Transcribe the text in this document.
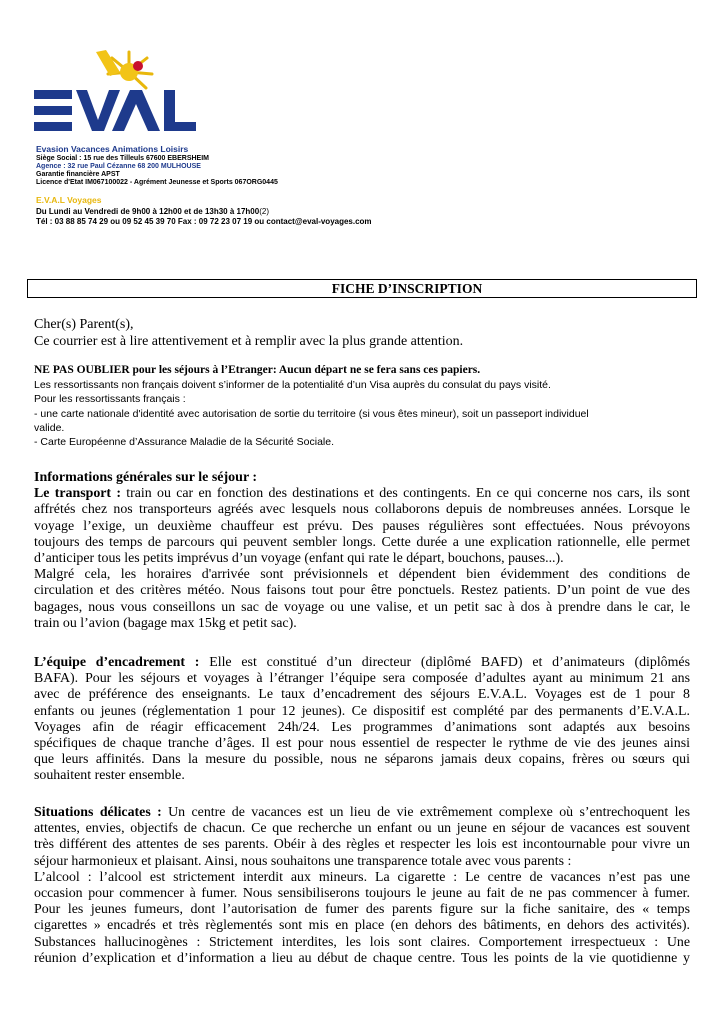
Evasion Vacances Animations Loisirs
Siège Social : 15 rue des Tilleuls 67600 EBERSHEIM
Agence : 32 rue Paul Cézanne 68 200 MULHOUSE
Garantie financière APST
Licence d'Etat IM067100022 - Agrément Jeunesse et Sports 067ORG0445
E.V.A.L Voyages
Du Lundi au Vendredi de 9h00 à 12h00 et de 13h30 à 17h00(2)
Tél : 03 88 85 74 29 ou 09 52 45 39 70 Fax : 09 72 23 07 19 ou contact@eval-voyages.com
FICHE D’INSCRIPTION
Cher(s) Parent(s),
Ce courrier est à lire attentivement et à remplir avec la plus grande attention.
NE PAS OUBLIER pour les séjours à l’Etranger: Aucun départ ne se fera sans ces papiers.
Les ressortissants non français doivent s’informer de la potentialité d’un Visa auprès du consulat du pays visité.
Pour les ressortissants français :
- une carte nationale d'identité avec autorisation de sortie du territoire (si vous êtes mineur), soit un passeport individuel
valide.
- Carte Européenne d’Assurance Maladie de la Sécurité Sociale.
Informations générales sur le séjour :
Le transport : train ou car en fonction des destinations et des contingents. En ce qui concerne nos cars, ils sont
affrétés chez nos transporteurs agréés avec lesquels nous collaborons depuis de nombreuses années. Lorsque le
voyage l’exige, un deuxième chauffeur est prévu. Des pauses régulières sont effectuées. Nous prévoyons
toujours des temps de parcours qui peuvent sembler longs. Cette durée a une explication rationnelle, elle permet
d’anticiper tous les petits imprévus d’un voyage (enfant qui rate le départ, bouchons, pauses...).
Malgré cela, les horaires d'arrivée sont prévisionnels et dépendent bien évidemment des conditions de
circulation et des critères météo. Nous faisons tout pour être ponctuels. Restez patients. D’un point de vue des
bagages, nous vous conseillons un sac de voyage ou une valise, et un petit sac à dos à prendre dans le car, le
train ou l’avion (bagage max 15kg et petit sac).
L’équipe d’encadrement : Elle est constitué d’un directeur (diplômé BAFD) et d’animateurs (diplômés
BAFA). Pour les séjours et voyages à l’étranger l’équipe sera composée d’adultes ayant au minimum 21 ans
avec de préférence des enseignants. Le taux d’encadrement des séjours E.V.A.L. Voyages est de 1 pour 8
enfants ou jeunes (réglementation 1 pour 12 jeunes). Ce dispositif est complété par des permanents d’E.V.A.L.
Voyages afin de réagir efficacement 24h/24. Les programmes d’animations sont adaptés aux besoins
spécifiques de chaque tranche d’âges. Il est pour nous essentiel de respecter le rythme de vie des jeunes ainsi
que leurs affinités. Dans la mesure du possible, nous ne séparons jamais deux copains, frères ou sœurs qui
souhaitent rester ensemble.
Situations délicates : Un centre de vacances est un lieu de vie extrêmement complexe où s’entrechoquent les
attentes, envies, objectifs de chacun. Ce que recherche un enfant ou un jeune en séjour de vacances est souvent
très différent des attentes de ses parents. Obéir à des règles et respecter les lois est incontournable pour vivre un
séjour harmonieux et plaisant. Ainsi, nous souhaitons une transparence totale avec vous parents :
L’alcool : l’alcool est strictement interdit aux mineurs. La cigarette : Le centre de vacances n’est pas une
occasion pour commencer à fumer. Nous sensibiliserons toujours le jeune au fait de ne pas commencer à fumer.
Pour les jeunes fumeurs, dont l’autorisation de fumer des parents figure sur la fiche sanitaire, des « temps
cigarettes » encadrés et très règlementés sont mis en place (en dehors des bâtiments, en dehors des activités).
Substances hallucinogènes : Strictement interdites, les lois sont claires. Comportement irrespectueux : Une
réunion d’explication et d’information a lieu au début de chaque centre. Tous les points de la vie quotidienne y
